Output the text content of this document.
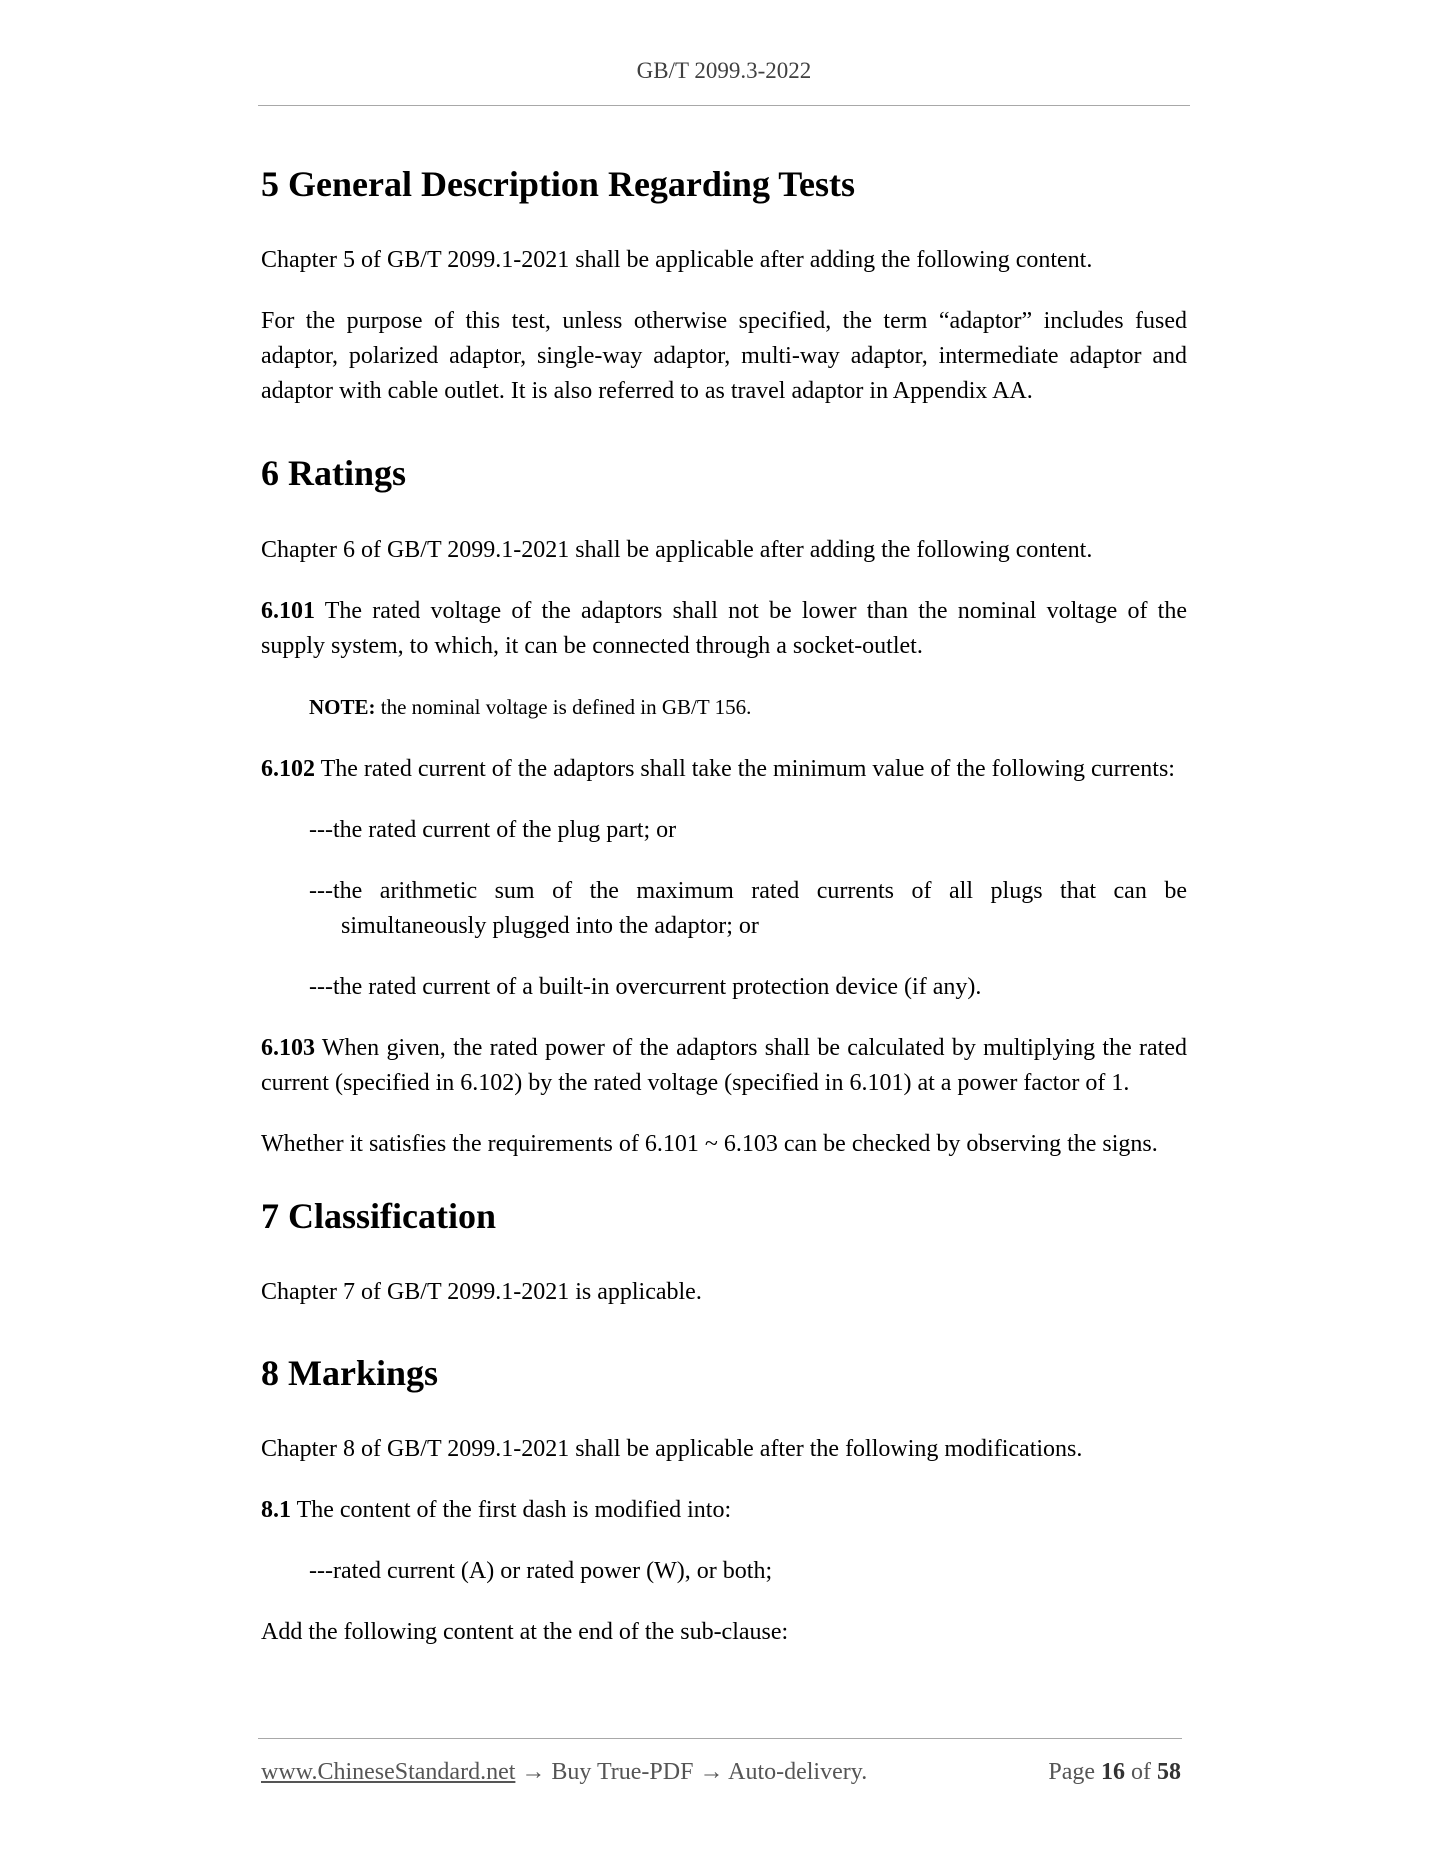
GB/T 2099.3-2022
5 General Description Regarding Tests
Chapter 5 of GB/T 2099.1-2021 shall be applicable after adding the following content.
For the purpose of this test, unless otherwise specified, the term “adaptor” includes fused adaptor, polarized adaptor, single-way adaptor, multi-way adaptor, intermediate adaptor and adaptor with cable outlet. It is also referred to as travel adaptor in Appendix AA.
6 Ratings
Chapter 6 of GB/T 2099.1-2021 shall be applicable after adding the following content.
6.101 The rated voltage of the adaptors shall not be lower than the nominal voltage of the supply system, to which, it can be connected through a socket-outlet.
NOTE: the nominal voltage is defined in GB/T 156.
6.102 The rated current of the adaptors shall take the minimum value of the following currents:
---the rated current of the plug part; or
---the arithmetic sum of the maximum rated currents of all plugs that can be simultaneously plugged into the adaptor; or
---the rated current of a built-in overcurrent protection device (if any).
6.103 When given, the rated power of the adaptors shall be calculated by multiplying the rated current (specified in 6.102) by the rated voltage (specified in 6.101) at a power factor of 1.
Whether it satisfies the requirements of 6.101 ~ 6.103 can be checked by observing the signs.
7 Classification
Chapter 7 of GB/T 2099.1-2021 is applicable.
8 Markings
Chapter 8 of GB/T 2099.1-2021 shall be applicable after the following modifications.
8.1 The content of the first dash is modified into:
---rated current (A) or rated power (W), or both;
Add the following content at the end of the sub-clause:
www.ChineseStandard.net → Buy True-PDF → Auto-delivery.	Page 16 of 58
